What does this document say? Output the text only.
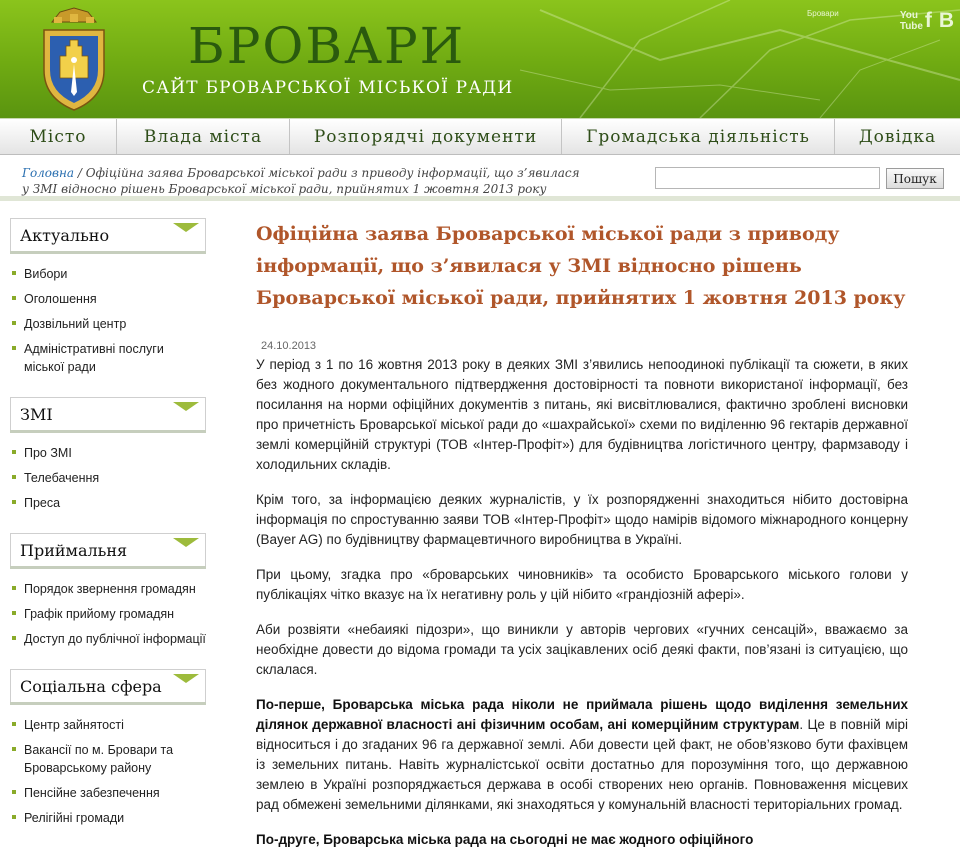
БРОВАРИ
САЙТ БРОВАРСЬКОЇ МІСЬКОЇ РАДИ
Бровари	You Tube f B
Місто	Влада міста	Розпорядчі документи	Громадська діяльність	Довідка
Головна / Офіційна заява Броварської міської ради з приводу інформації, що з’явилася у ЗМІ відносно рішень Броварської міської ради, прийнятих 1 жовтня 2013 року
Пошук
Актуально
Вибори
Оголошення
Дозвільний центр
Адміністративні послуги міської ради
ЗМІ
Про ЗМІ
Телебачення
Преса
Приймальня
Порядок звернення громадян
Графік прийому громадян
Доступ до публічної інформації
Соціальна сфера
Центр зайнятості
Вакансії по м. Бровари та Броварському району
Пенсійне забезпечення
Релігійні громади
Офіційна заява Броварської міської ради з приводу інформації, що з’явилася у ЗМІ відносно рішень Броварської міської ради, прийнятих 1 жовтня 2013 року
24.10.2013

У період з 1 по 16 жовтня 2013 року в деяких ЗМІ з’явились непоодинокі публікації та сюжети, в яких без жодного документального підтвердження достовірності та повноти використаної інформації, без посилання на норми офіційних документів з питань, які висвітлювалися, фактично зроблені висновки про причетність Броварської міської ради до «шахрайської» схеми по виділенню 96 гектарів державної землі комерційній структурі (ТОВ «Інтер-Профіт») для будівництва логістичного центру, фармзаводу і холодильних складів.

Крім того, за інформацією деяких журналістів, у їх розпорядженні знаходиться нібито достовірна інформація по спростуванню заяви ТОВ «Інтер-Профіт» щодо намірів відомого міжнародного концерну (Bayer AG) по будівництву фармацевтичного виробництва в Україні.

При цьому, згадка про «броварських чиновників» та особисто Броварського міського голови у публікаціях чітко вказує на їх негативну роль у цій нібито «грандіозній афері».

Аби розвіяти «небаиякі підозри», що виникли у авторів чергових «гучних сенсацій», вважаємо за необхідне довести до відома громади та усіх зацікавлених осіб деякі факти, пов’язані із ситуацією, що склалася.

По-перше, Броварська міська рада ніколи не приймала рішень щодо виділення земельних ділянок державної власності ані фізичним особам, ані комерційним структурам. Це в повній мірі відноситься і до згаданих 96 га державної землі. Аби довести цей факт, не обов’язково бути фахівцем із земельних питань. Навіть журналістської освіти достатньо для порозуміння того, що державною землею в Україні розпоряджається держава в особі створених нею органів. Повноваження місцевих рад обмежені земельними ділянками, які знаходяться у комунальній власності територіальних громад.

По-друге, Броварська міська рада на сьогодні не має жодного офіційного
